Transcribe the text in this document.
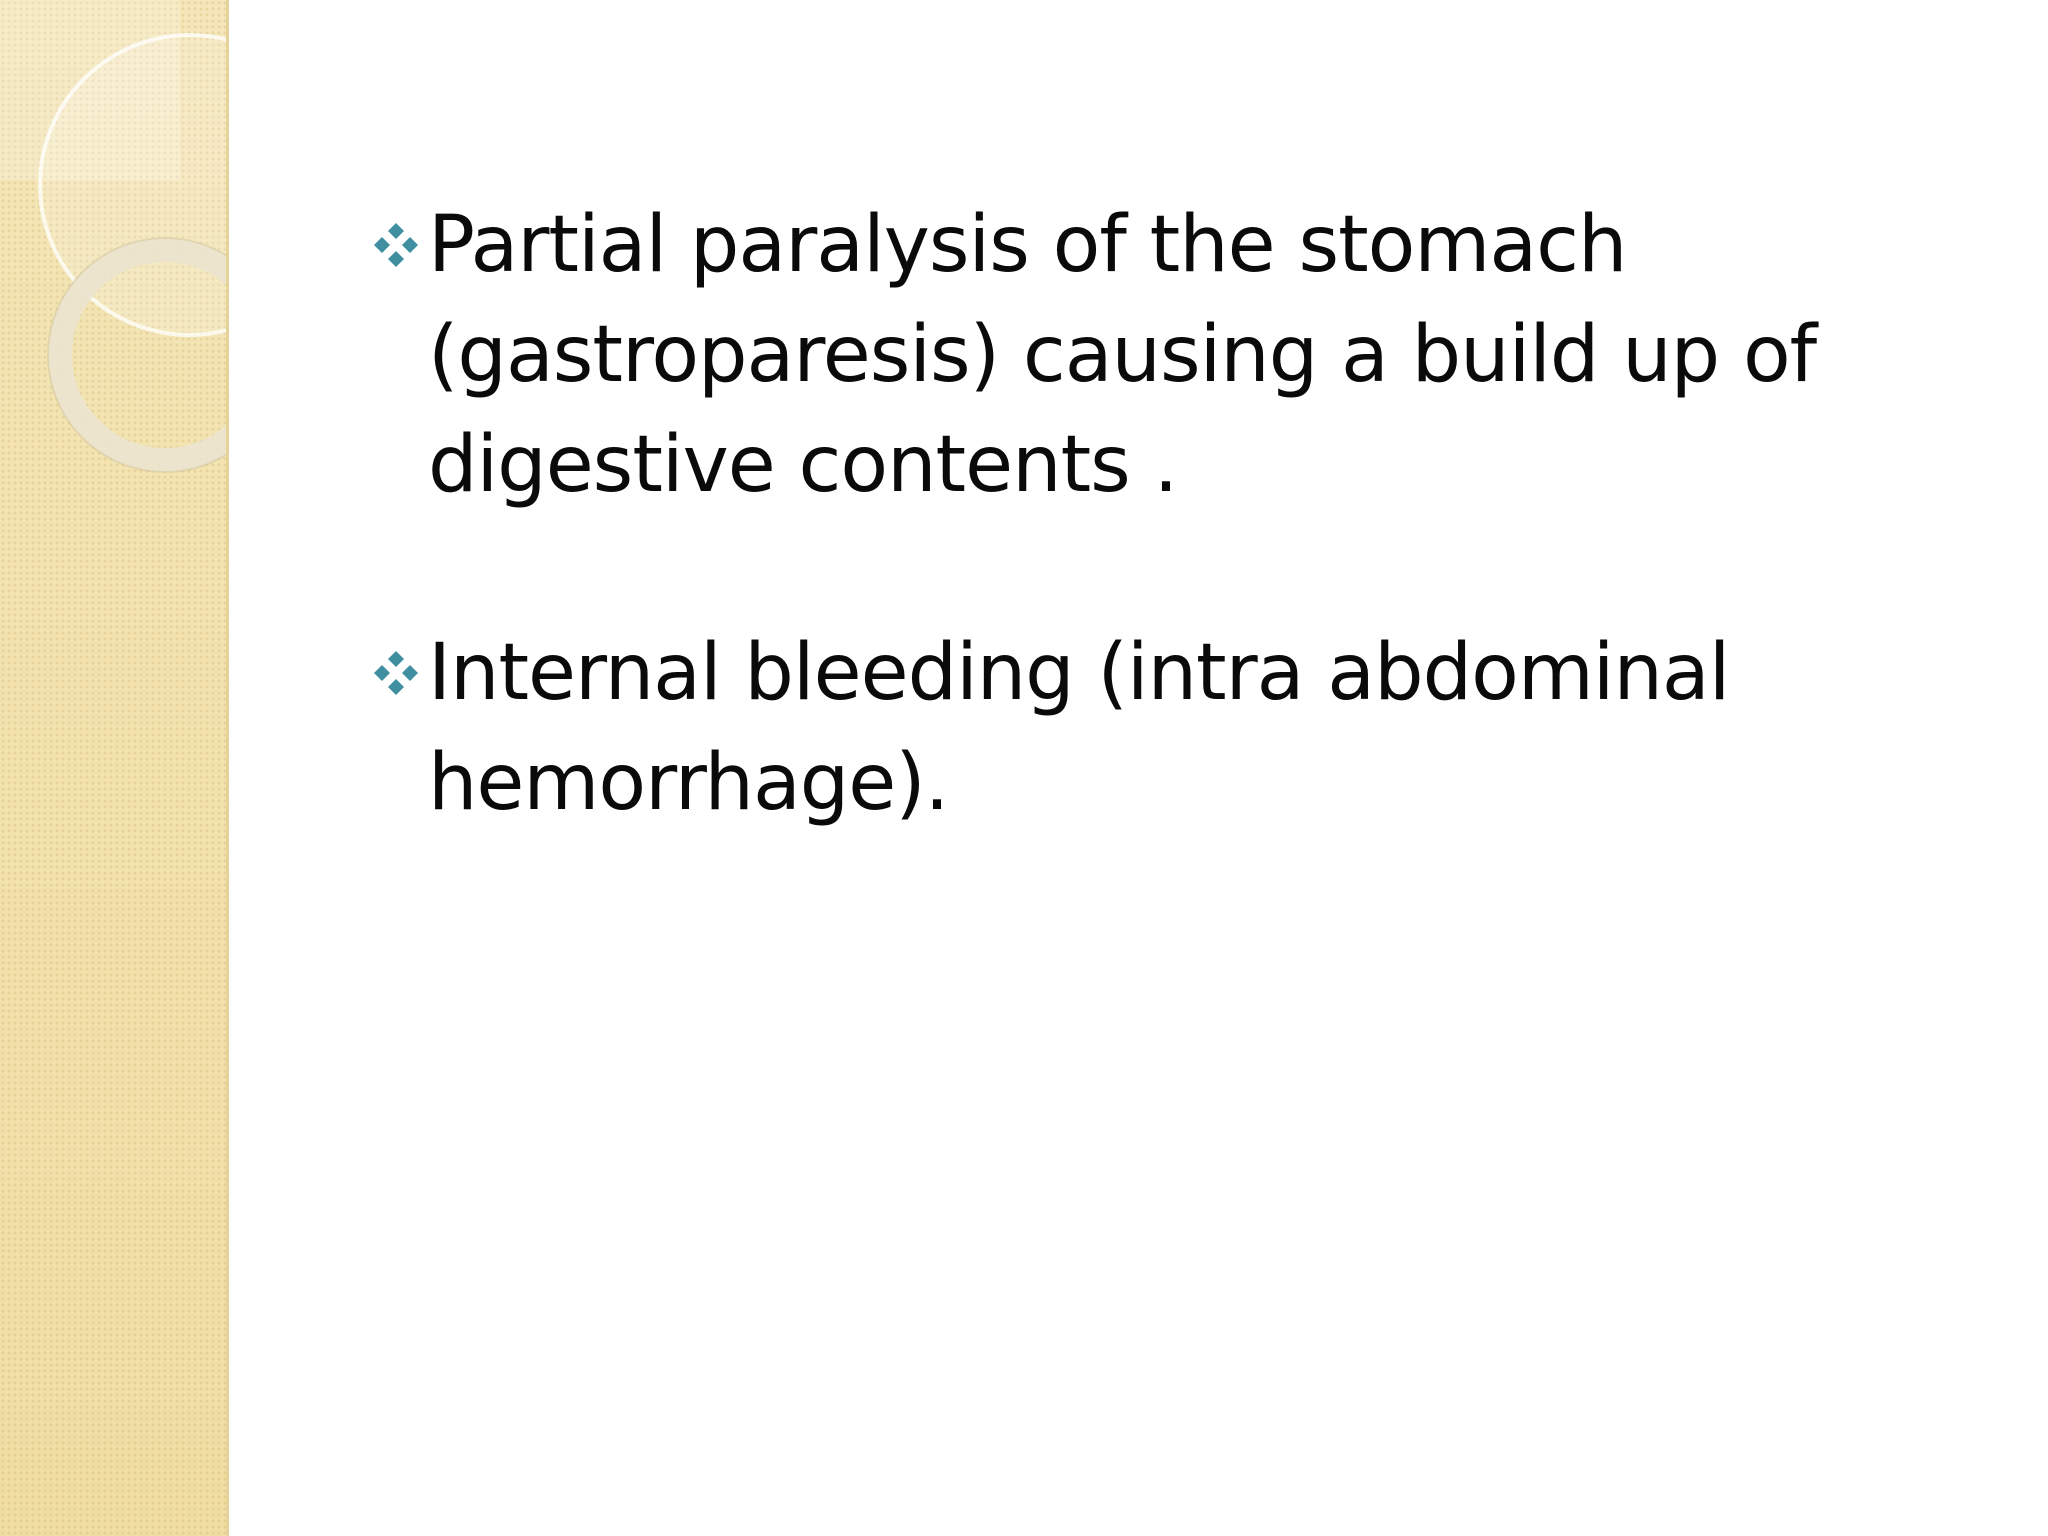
Partial paralysis of the stomach (gastroparesis) causing a build up of digestive contents .
Internal bleeding (intra abdominal hemorrhage).
